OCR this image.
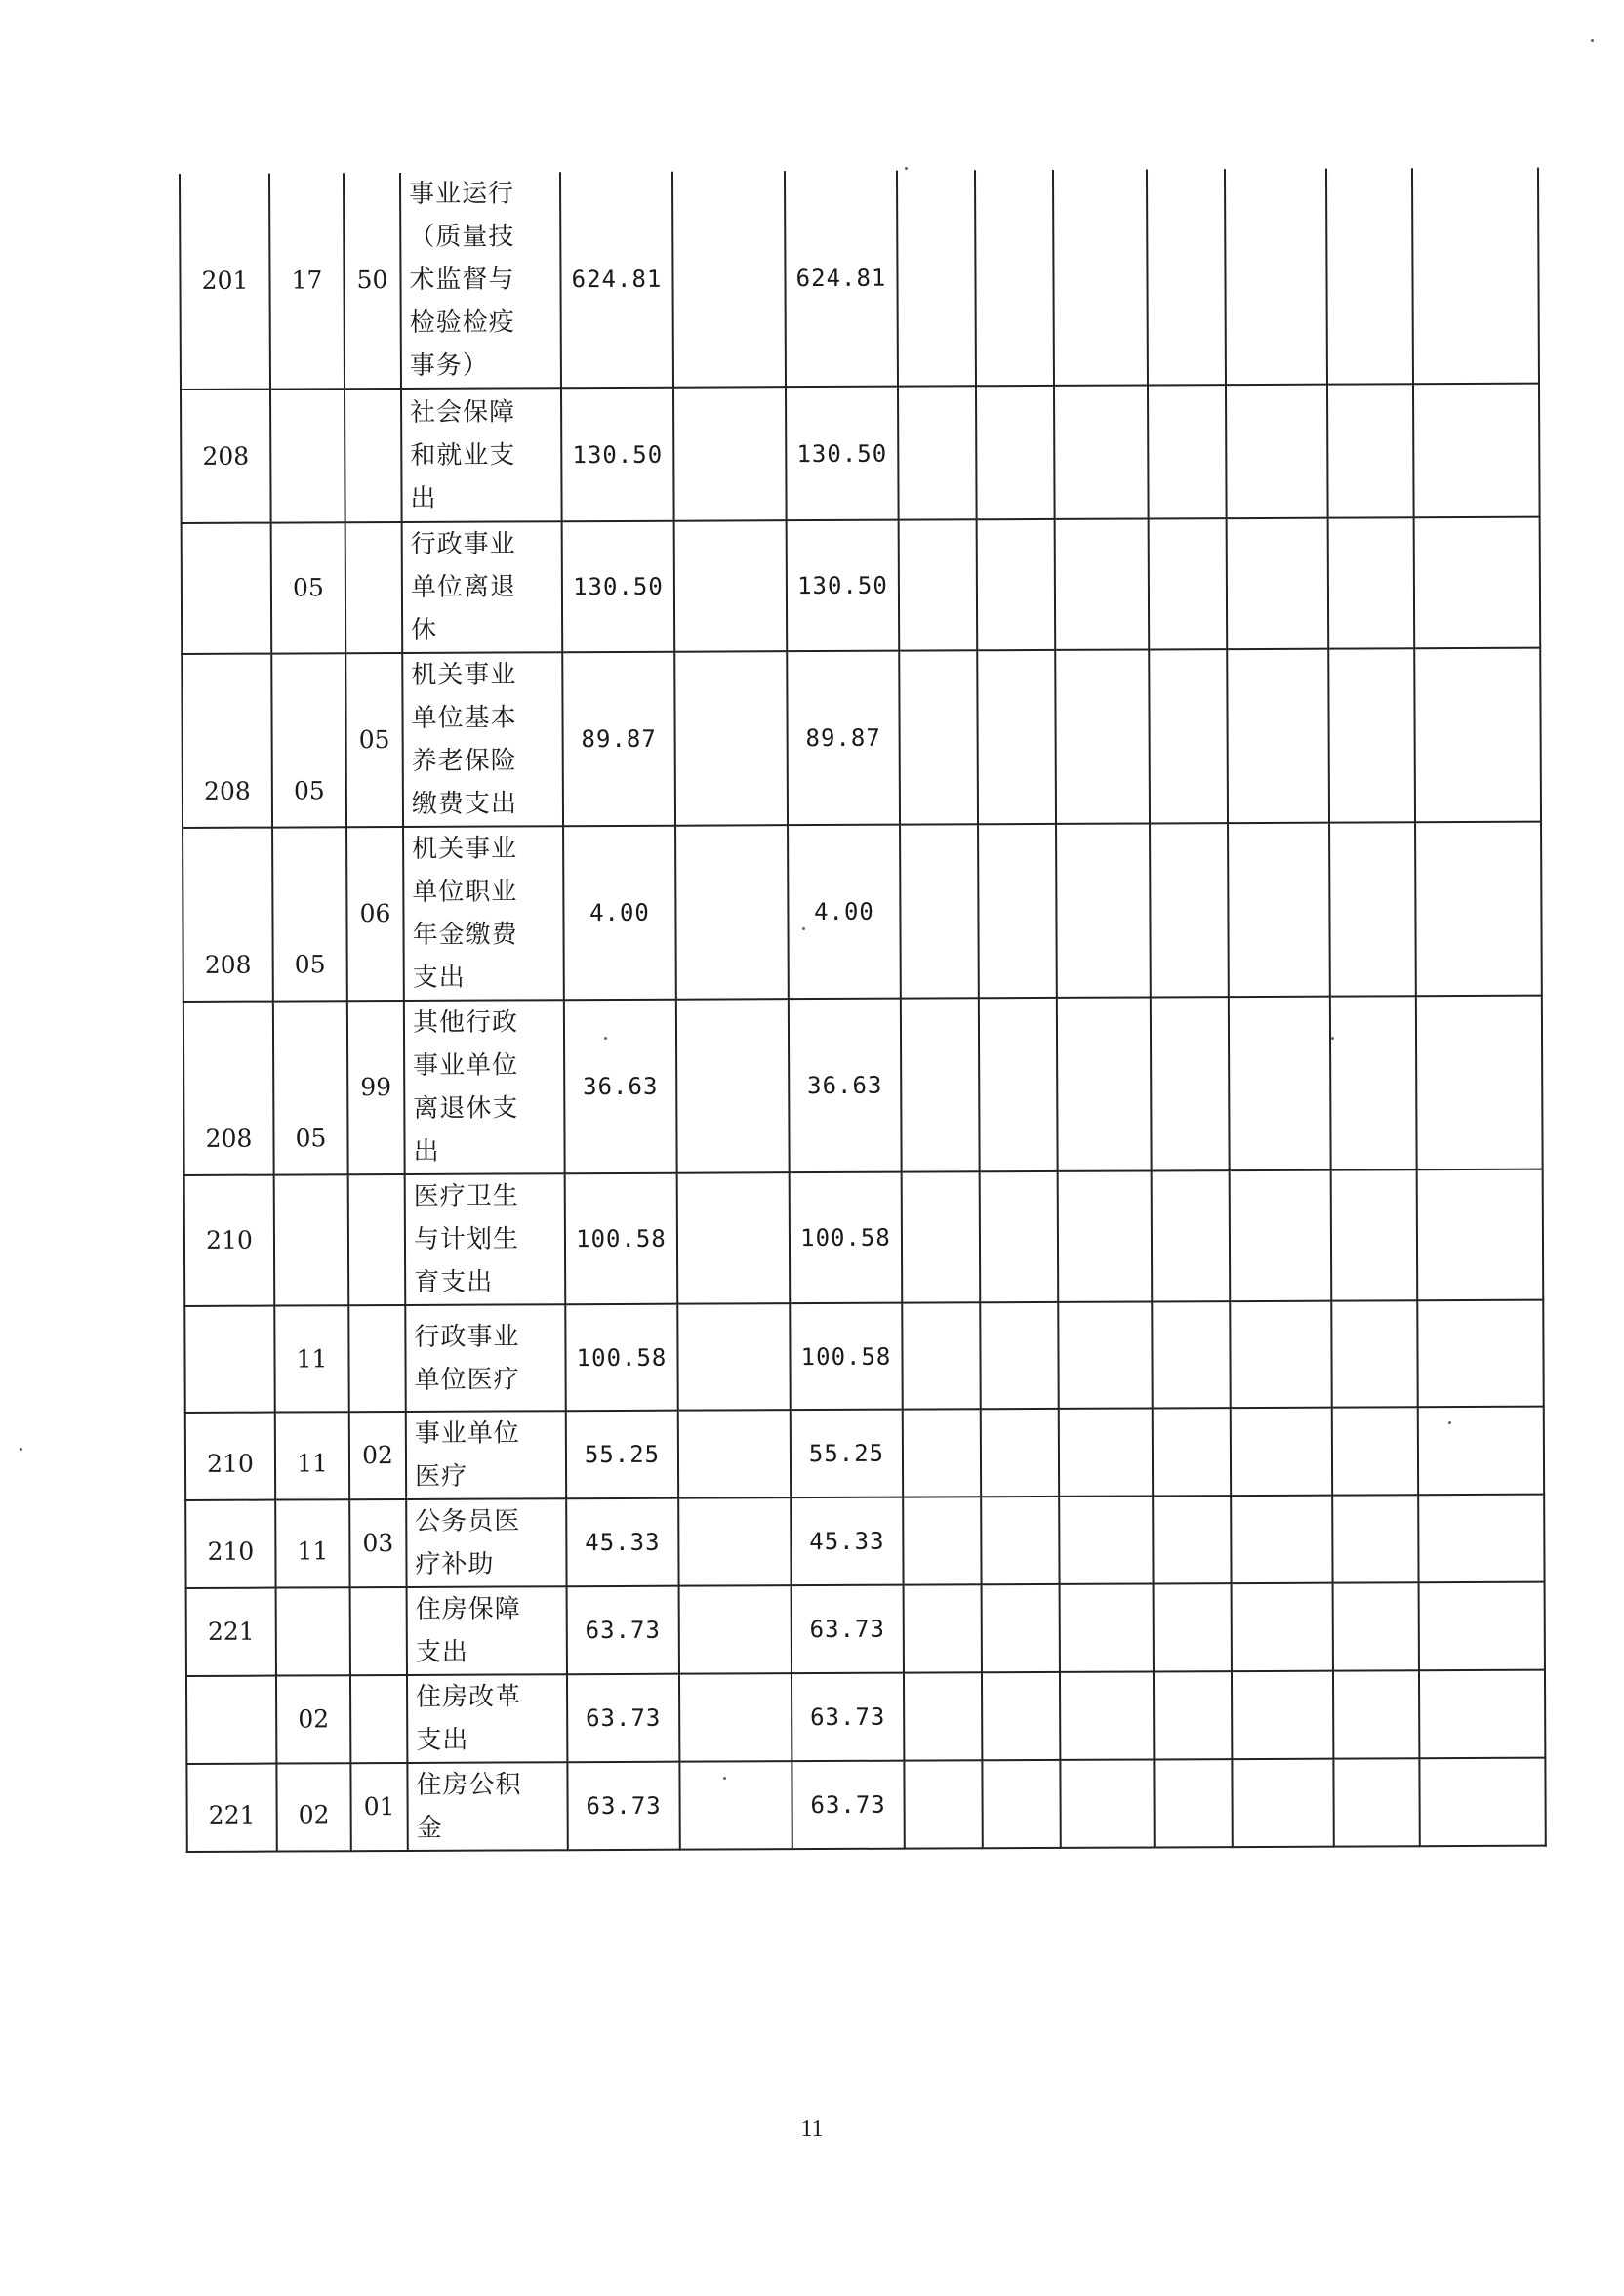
201	17	50	事业运行
（质量技
术监督与
检验检疫
事务）	624.81		624.81							
208			社会保障
和就业支
出	130.50		130.50							
	05		行政事业
单位离退
休	130.50		130.50							
208	05	05	机关事业
单位基本
养老保险
缴费支出	89.87		89.87							
208	05	06	机关事业
单位职业
年金缴费
支出	4.00		4.00							
208	05	99	其他行政
事业单位
离退休支
出	36.63		36.63							
210			医疗卫生
与计划生
育支出	100.58		100.58							
	11		行政事业
单位医疗	100.58		100.58							
210	11	02	事业单位
医疗	55.25		55.25							
210	11	03	公务员医
疗补助	45.33		45.33							
221			住房保障
支出	63.73		63.73							
	02		住房改革
支出	63.73		63.73							
221	02	01	住房公积
金	63.73		63.73							
11
